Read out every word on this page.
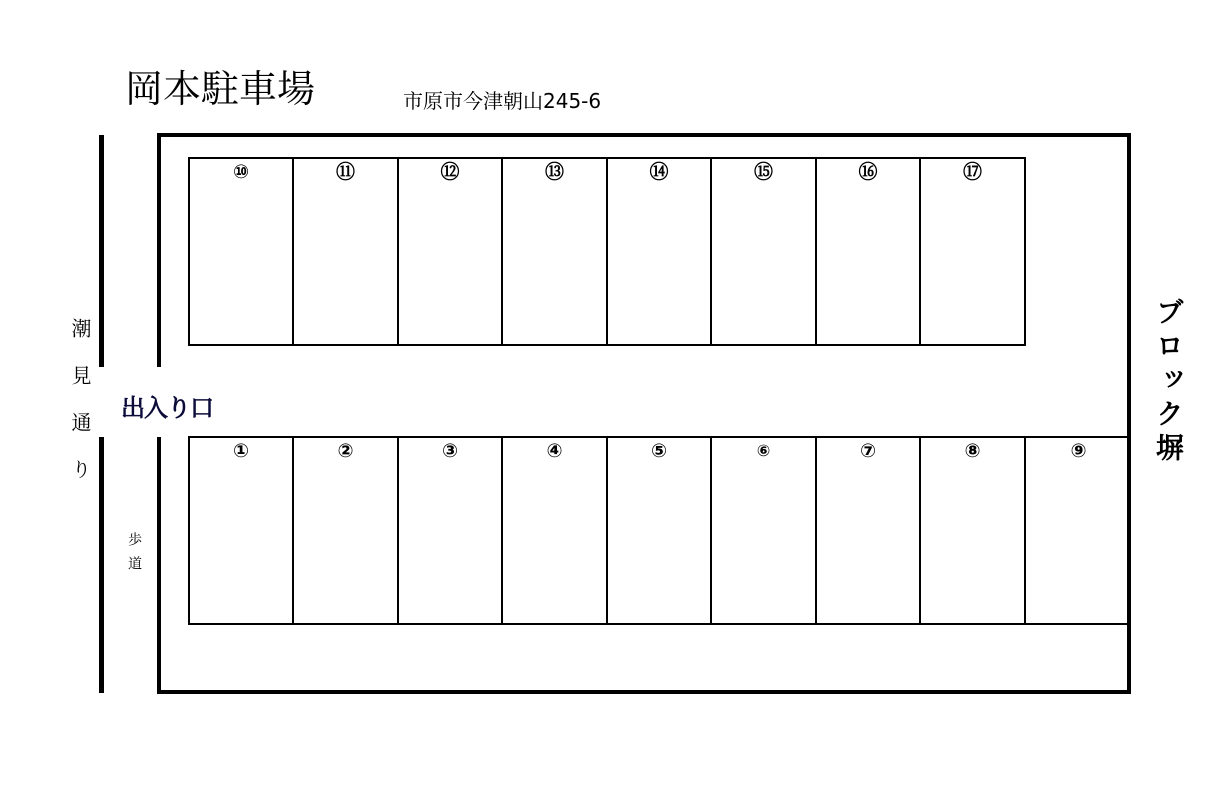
岡本駐車場	市原市今津朝山245-6
潮見通り
歩道
出入り口	ブロック塀
⑩	⑪	⑫	⑬	⑭	⑮	⑯	⑰
①	②	③	④	⑤	⑥	⑦	⑧	⑨
